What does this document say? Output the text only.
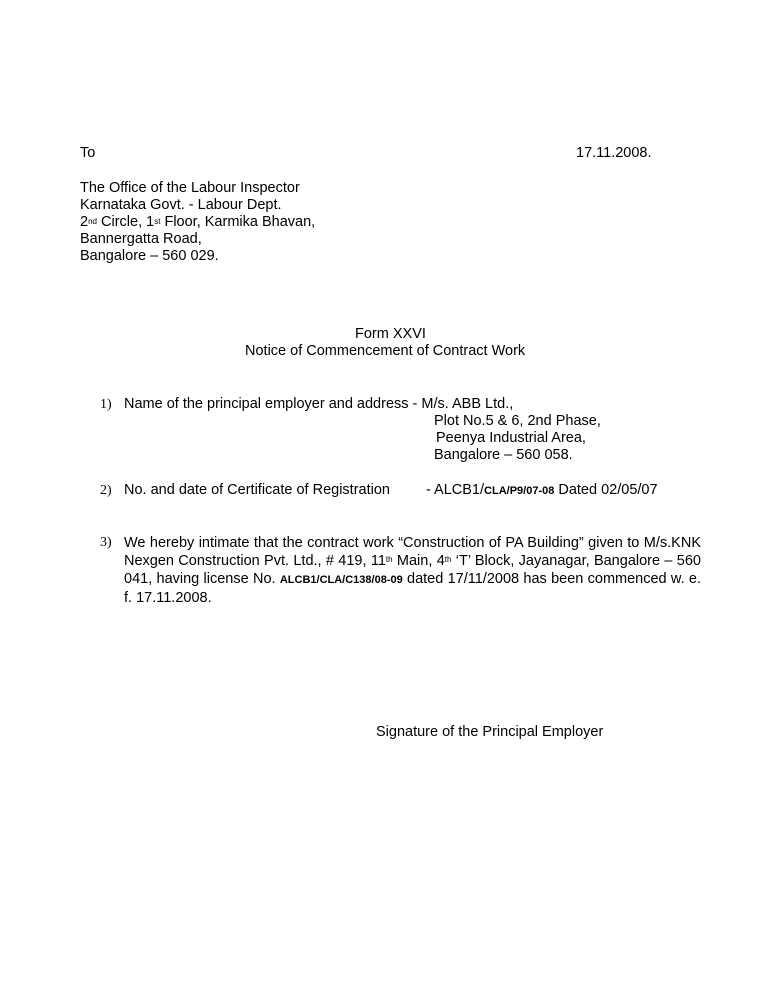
To	17.11.2008.
The Office of the Labour Inspector
Karnataka Govt. - Labour Dept.
2nd Circle, 1st Floor, Karmika Bhavan,
Bannergatta Road,
Bangalore – 560 029.
Form XXVI
Notice of Commencement of Contract Work
1) Name of the principal employer and address - M/s. ABB Ltd.,
Plot No.5 & 6, 2nd Phase,
Peenya Industrial Area,
Bangalore – 560 058.
2) No. and date of Certificate of Registration - ALCB1/CLA/P9/07-08 Dated 02/05/07
3) We hereby intimate that the contract work “Construction of PA Building” given to M/s.KNK Nexgen Construction Pvt. Ltd., # 419, 11th Main, 4th ‘T’ Block, Jayanagar, Bangalore – 560 041, having license No. ALCB1/CLA/C138/08-09 dated 17/11/2008 has been commenced w. e. f. 17.11.2008.
Signature of the Principal Employer
